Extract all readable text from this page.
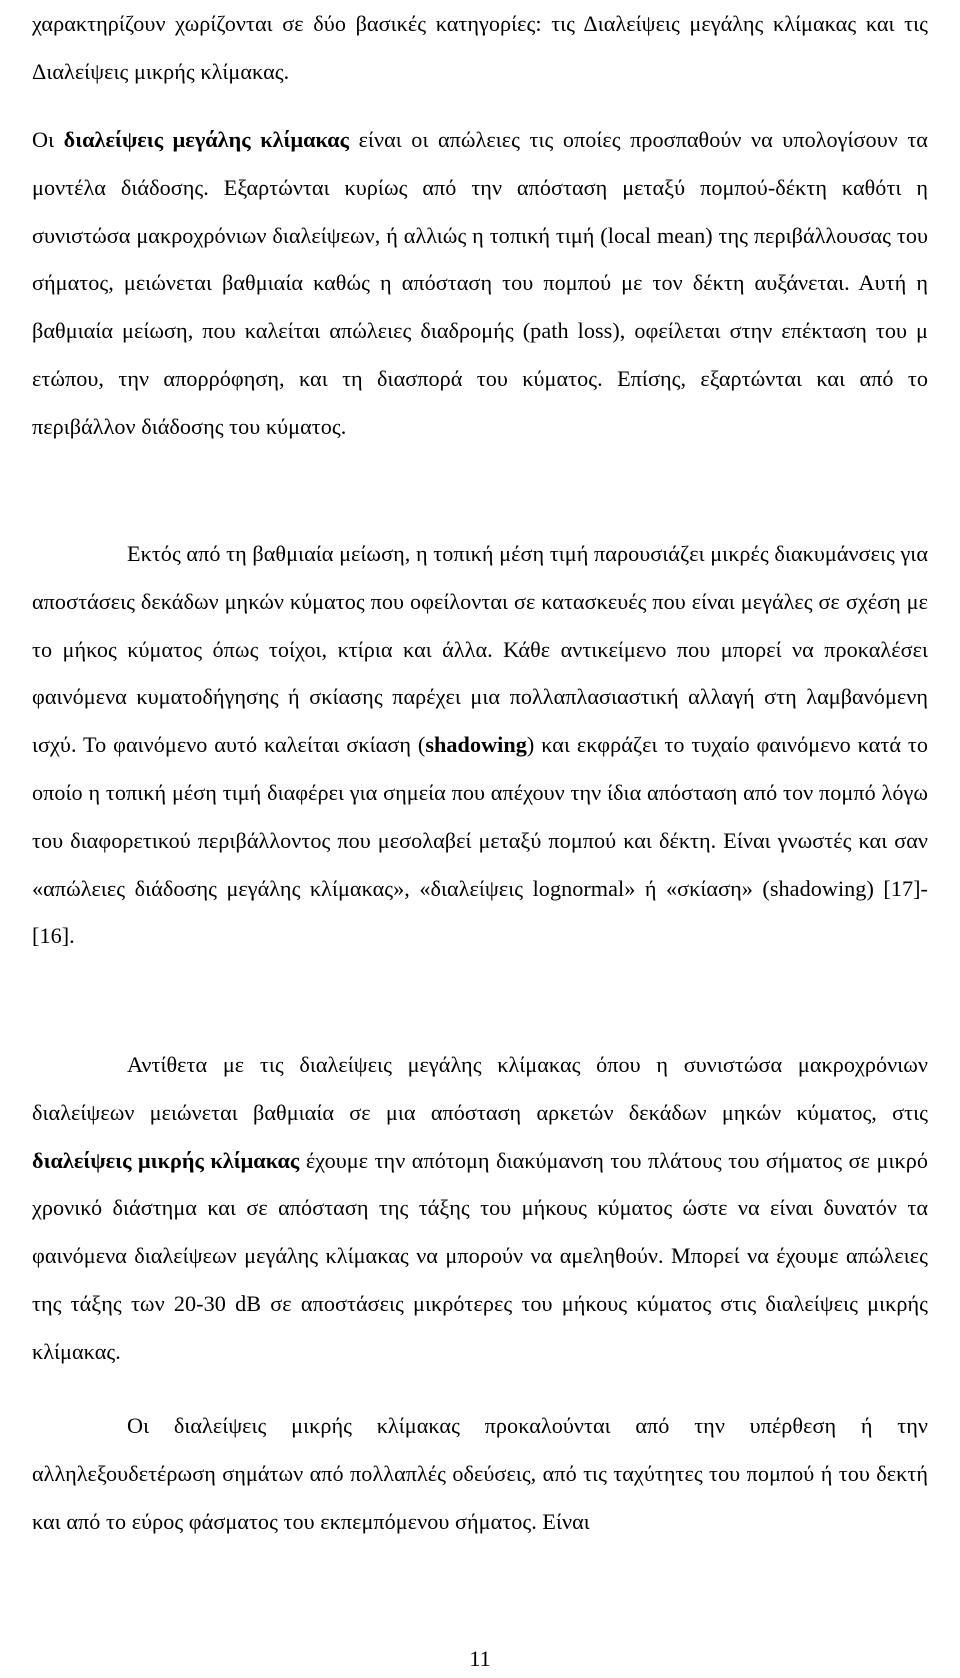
χαρακτηρίζουν χωρίζονται σε δύο βασικές κατηγορίες: τις Διαλείψεις μεγάλης κλίμακας και τις Διαλείψεις μικρής κλίμακας.

Οι διαλείψεις μεγάλης κλίμακας είναι οι απώλειες τις οποίες προσπαθούν να υπολογίσουν τα μοντέλα διάδοσης. Εξαρτώνται κυρίως από την απόσταση μεταξύ πομπού-δέκτη καθότι η συνιστώσα μακροχρόνιων διαλείψεων, ή αλλιώς η τοπική τιμή (local mean) της περιβάλλουσας του σήματος, μειώνεται βαθμιαία καθώς η απόσταση του πομπού με τον δέκτη αυξάνεται. Αυτή η βαθμιαία μείωση, που καλείται απώλειες διαδρομής (path loss), οφείλεται στην επέκταση του μ ετώπου, την απορρόφηση, και τη διασπορά του κύματος. Επίσης, εξαρτώνται και από το περιβάλλον διάδοσης του κύματος.

Εκτός από τη βαθμιαία μείωση, η τοπική μέση τιμή παρουσιάζει μικρές διακυμάνσεις για αποστάσεις δεκάδων μηκών κύματος που οφείλονται σε κατασκευές που είναι μεγάλες σε σχέση με το μήκος κύματος όπως τοίχοι, κτίρια και άλλα. Κάθε αντικείμενο που μπορεί να προκαλέσει φαινόμενα κυματοδήγησης ή σκίασης παρέχει μια πολλαπλασιαστική αλλαγή στη λαμβανόμενη ισχύ. Το φαινόμενο αυτό καλείται σκίαση (shadowing) και εκφράζει το τυχαίο φαινόμενο κατά το οποίο η τοπική μέση τιμή διαφέρει για σημεία που απέχουν την ίδια απόσταση από τον πομπό λόγω του διαφορετικού περιβάλλοντος που μεσολαβεί μεταξύ πομπού και δέκτη. Είναι γνωστές και σαν «απώλειες διάδοσης μεγάλης κλίμακας», «διαλείψεις lognormal» ή «σκίαση» (shadowing) [17]-[16].

Αντίθετα με τις διαλείψεις μεγάλης κλίμακας όπου η συνιστώσα μακροχρόνιων διαλείψεων μειώνεται βαθμιαία σε μια απόσταση αρκετών δεκάδων μηκών κύματος, στις διαλείψεις μικρής κλίμακας έχουμε την απότομη διακύμανση του πλάτους του σήματος σε μικρό χρονικό διάστημα και σε απόσταση της τάξης του μήκους κύματος ώστε να είναι δυνατόν τα φαινόμενα διαλείψεων μεγάλης κλίμακας να μπορούν να αμεληθούν. Μπορεί να έχουμε απώλειες της τάξης των 20-30 dB σε αποστάσεις μικρότερες του μήκους κύματος στις διαλείψεις μικρής κλίμακας.

Οι διαλείψεις μικρής κλίμακας προκαλούνται από την υπέρθεση ή την αλληλεξουδετέρωση σημάτων από πολλαπλές οδεύσεις, από τις ταχύτητες του πομπού ή του δεκτή και από το εύρος φάσματος του εκπεμπόμενου σήματος. Είναι

11
